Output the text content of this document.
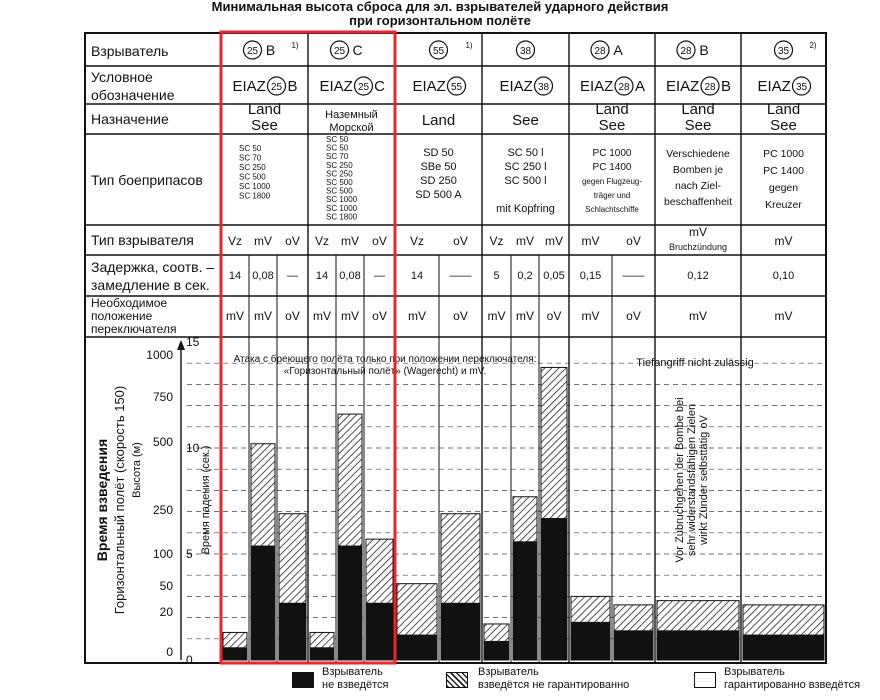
Минимальная высота сброса для эл. взрывателей ударного действия
при горизонтальном полёте
Взрыватель
Условное
обозначение
Назначение
Тип боеприпасов
Тип взрывателя
Задержка, соотв. –
замедление в сек.
Необходимое
положение
переключателя
25 B 1)
EIAZ 25 B
Land
See
SC 50
SC 70
SC 250
SC 500
SC 1000
SC 1800
Vz mV oV
14 0,08 —
mV mV oV
25 C
EIAZ 25 C
Наземный
Морской
SC 50
SC 50
SC 70
SC 250
SC 250
SC 500
SC 500
SC 1000
SC 1000
SC 1800
Vz mV oV
14 0,08 —
mV mV oV
55
1)
EIAZ 55
Land
SD 50
SBe 50
SD 250
SD 500 A
Vz oV
14 ——
mV oV
38
EIAZ 38
See
SC 50 l
SC 250 l
SC 500 l
mit Kopfring
Vz mV mV
5 0,2 0,05
mV mV oV
28 A
EIAZ 28 A
Land
See
PC 1000
PC 1400
gegen Flugzeug-
träger und
Schlachtschiffe
mV oV
0,15 ——
mV oV
28 B
EIAZ 28 B
Land
See
Verschiedene
Bomben je
nach Ziel-
beschaffenheit
mV
Bruchzündung
0,12
mV
35
2)
EIAZ 35
Land
See
PC 1000
PC 1400
gegen
Kreuzer
mV
0,10
mV
1000
750
500
250
100
50
20
0
15
10
5
0
Время взведения Горизонтальный полёт (скорость 150) Высота (м)	Время падения (сек.)
Атака с бреющего полёта только при положении переключателя:
«Горизонтальный полёт» (Wagerecht) и mV.
Tiefangriff nicht zulässig
Vor Zubruchgehen der Bombe bei sehr widerstandsfähigen Zielen wirkt Zünder selbsttätig oV
Взрыватель
не взведётся
Взрыватель
взведётся не гарантированно
Взрыватель
гарантированно взведётся
